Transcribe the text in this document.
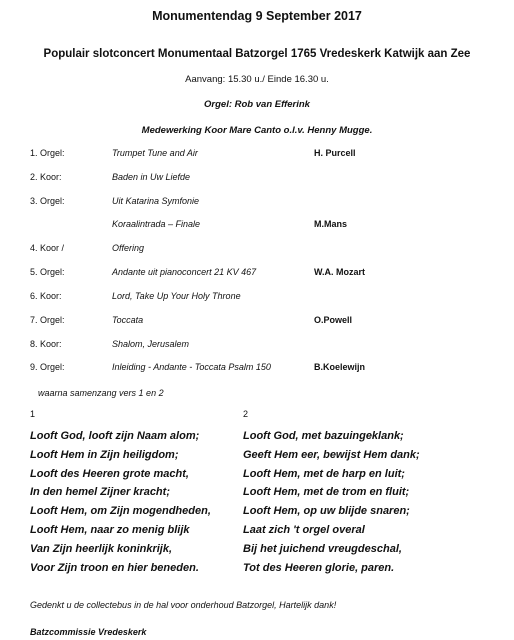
Monumentendag 9 September 2017
Populair slotconcert Monumentaal Batzorgel 1765 Vredeskerk Katwijk aan Zee
Aanvang: 15.30 u./ Einde 16.30 u.
Orgel: Rob van Efferink
Medewerking Koor Mare Canto o.l.v. Henny Mugge.
1. Orgel:	Trumpet Tune and Air	H. Purcell
2. Koor:	Baden in Uw Liefde
3. Orgel:	Uit Katarina Symfonie
Koraalintrada – Finale	M.Mans
4. Koor /	Offering
5. Orgel:	Andante uit pianoconcert 21 KV 467	W.A. Mozart
6. Koor:	Lord, Take Up Your Holy Throne
7. Orgel:	Toccata	O.Powell
8. Koor:	Shalom, Jerusalem
9. Orgel:	Inleiding - Andante - Toccata Psalm 150	B.Koelewijn
waarna samenzang vers 1 en 2
1	2
Looft God, looft zijn Naam alom;
Looft Hem in Zijn heiligdom;
Looft des Heeren grote macht,
In den hemel Zijner kracht;
Looft Hem, om Zijn mogendheden,
Looft Hem, naar zo menig blijk
Van Zijn heerlijk koninkrijk,
Voor Zijn troon en hier beneden.
Looft God, met bazuingeklank;
Geeft Hem eer, bewijst Hem dank;
Looft Hem, met de harp en luit;
Looft Hem, met de trom en fluit;
Looft Hem, op uw blijde snaren;
Laat zich 't orgel overal
Bij het juichend vreugdeschal,
Tot des Heeren glorie, paren.
Gedenkt u de collectebus in de hal voor onderhoud Batzorgel, Hartelijk dank!
Batzcommissie Vredeskerk
